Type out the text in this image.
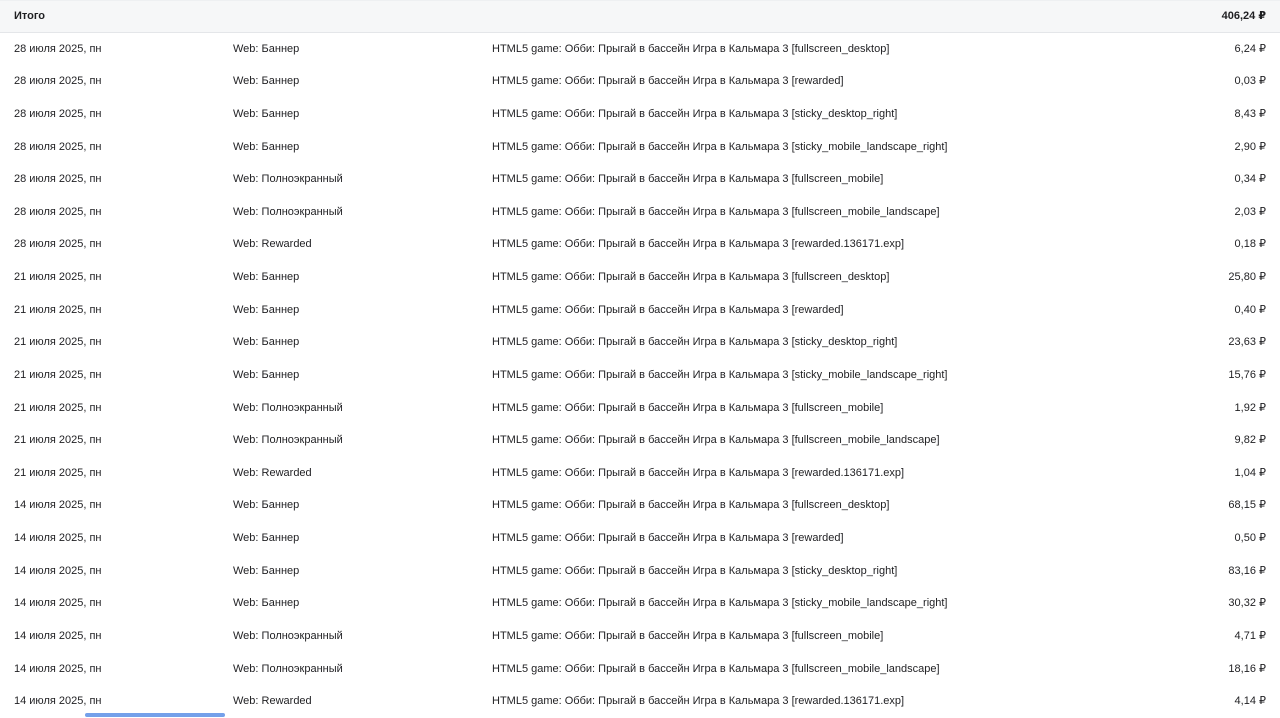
Итого	406,24 ₽
28 июля 2025, пн	Web: Баннер	HTML5 game: Обби: Прыгай в бассейн Игра в Кальмара 3 [fullscreen_desktop]	6,24 ₽
28 июля 2025, пн	Web: Баннер	HTML5 game: Обби: Прыгай в бассейн Игра в Кальмара 3 [rewarded]	0,03 ₽
28 июля 2025, пн	Web: Баннер	HTML5 game: Обби: Прыгай в бассейн Игра в Кальмара 3 [sticky_desktop_right]	8,43 ₽
28 июля 2025, пн	Web: Баннер	HTML5 game: Обби: Прыгай в бассейн Игра в Кальмара 3 [sticky_mobile_landscape_right]	2,90 ₽
28 июля 2025, пн	Web: Полноэкранный	HTML5 game: Обби: Прыгай в бассейн Игра в Кальмара 3 [fullscreen_mobile]	0,34 ₽
28 июля 2025, пн	Web: Полноэкранный	HTML5 game: Обби: Прыгай в бассейн Игра в Кальмара 3 [fullscreen_mobile_landscape]	2,03 ₽
28 июля 2025, пн	Web: Rewarded	HTML5 game: Обби: Прыгай в бассейн Игра в Кальмара 3 [rewarded.136171.exp]	0,18 ₽
21 июля 2025, пн	Web: Баннер	HTML5 game: Обби: Прыгай в бассейн Игра в Кальмара 3 [fullscreen_desktop]	25,80 ₽
21 июля 2025, пн	Web: Баннер	HTML5 game: Обби: Прыгай в бассейн Игра в Кальмара 3 [rewarded]	0,40 ₽
21 июля 2025, пн	Web: Баннер	HTML5 game: Обби: Прыгай в бассейн Игра в Кальмара 3 [sticky_desktop_right]	23,63 ₽
21 июля 2025, пн	Web: Баннер	HTML5 game: Обби: Прыгай в бассейн Игра в Кальмара 3 [sticky_mobile_landscape_right]	15,76 ₽
21 июля 2025, пн	Web: Полноэкранный	HTML5 game: Обби: Прыгай в бассейн Игра в Кальмара 3 [fullscreen_mobile]	1,92 ₽
21 июля 2025, пн	Web: Полноэкранный	HTML5 game: Обби: Прыгай в бассейн Игра в Кальмара 3 [fullscreen_mobile_landscape]	9,82 ₽
21 июля 2025, пн	Web: Rewarded	HTML5 game: Обби: Прыгай в бассейн Игра в Кальмара 3 [rewarded.136171.exp]	1,04 ₽
14 июля 2025, пн	Web: Баннер	HTML5 game: Обби: Прыгай в бассейн Игра в Кальмара 3 [fullscreen_desktop]	68,15 ₽
14 июля 2025, пн	Web: Баннер	HTML5 game: Обби: Прыгай в бассейн Игра в Кальмара 3 [rewarded]	0,50 ₽
14 июля 2025, пн	Web: Баннер	HTML5 game: Обби: Прыгай в бассейн Игра в Кальмара 3 [sticky_desktop_right]	83,16 ₽
14 июля 2025, пн	Web: Баннер	HTML5 game: Обби: Прыгай в бассейн Игра в Кальмара 3 [sticky_mobile_landscape_right]	30,32 ₽
14 июля 2025, пн	Web: Полноэкранный	HTML5 game: Обби: Прыгай в бассейн Игра в Кальмара 3 [fullscreen_mobile]	4,71 ₽
14 июля 2025, пн	Web: Полноэкранный	HTML5 game: Обби: Прыгай в бассейн Игра в Кальмара 3 [fullscreen_mobile_landscape]	18,16 ₽
14 июля 2025, пн	Web: Rewarded	HTML5 game: Обби: Прыгай в бассейн Игра в Кальмара 3 [rewarded.136171.exp]	4,14 ₽
